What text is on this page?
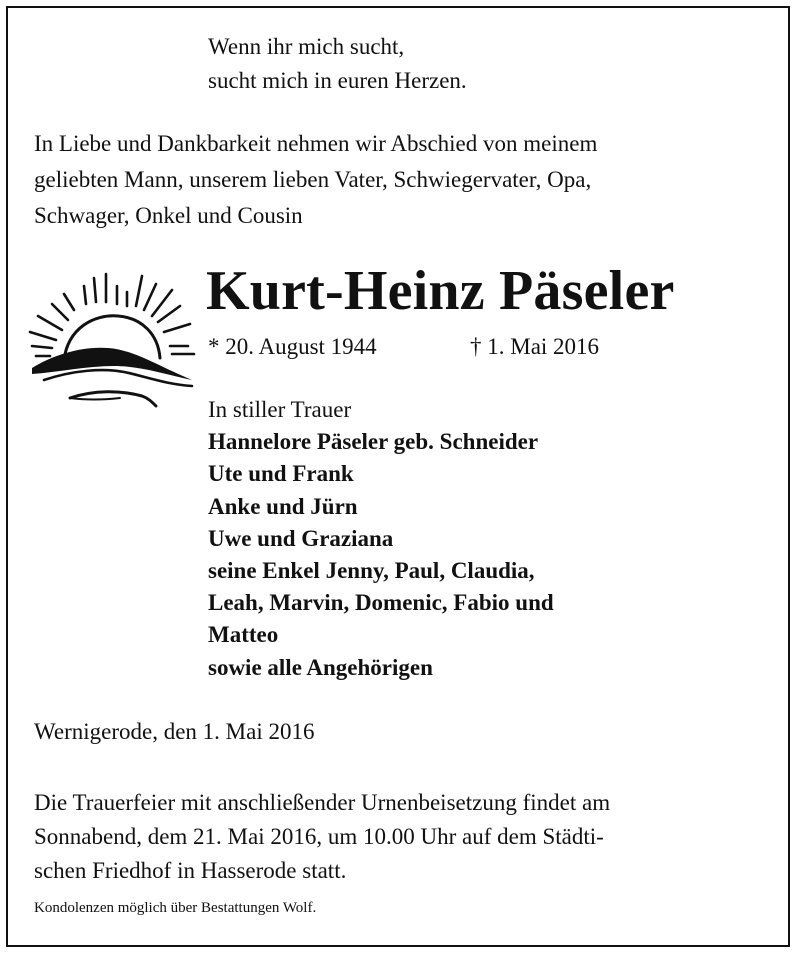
Wenn ihr mich sucht,
sucht mich in euren Herzen.
In Liebe und Dankbarkeit nehmen wir Abschied von meinem
geliebten Mann, unserem lieben Vater, Schwiegervater, Opa,
Schwager, Onkel und Cousin
Kurt-Heinz Päseler
* 20. August 1944	† 1. Mai 2016
In stiller Trauer
Hannelore Päseler geb. Schneider
Ute und Frank
Anke und Jürn
Uwe und Graziana
seine Enkel Jenny, Paul, Claudia,
Leah, Marvin, Domenic, Fabio und
Matteo
sowie alle Angehörigen
Wernigerode, den 1. Mai 2016
Die Trauerfeier mit anschließender Urnenbeisetzung findet am
Sonnabend, dem 21. Mai 2016, um 10.00 Uhr auf dem Städti-
schen Friedhof in Hasserode statt.
Kondolenzen möglich über Bestattungen Wolf.
